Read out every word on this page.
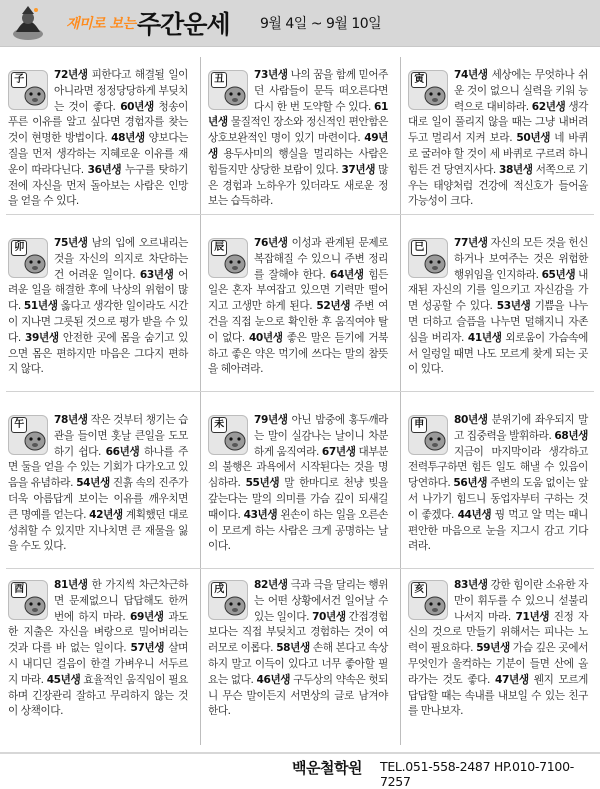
재미로 보는 주간운세 9월 4일 ~ 9월 10일
子	72년생 피한다고 해결될 일이 아니라면 정정당당하게 부딪치는 것이 좋다. 60년생 청송이 푸른 이유를 알고 싶다면 경험자를 찾는 것이 현명한 방법이다. 48년생 양보다는 질을 먼저 생각하는 지혜로운 이유를 재운이 따라다닌다. 36년생 누구를 탓하기 전에 자신을 먼저 돌아보는 사람은 인망을 얻을 수 있다.
丑	73년생 나의 꿈을 함께 믿어주던 사람들이 문득 떠오른다면 다시 한 번 도약할 수 있다. 61년생 물질적인 장소와 정신적인 편안함은 상호보완적인 명이 있기 마련이다. 49년생 용두사미의 행실을 멀리하는 사람은 힘들지만 상당한 보람이 있다. 37년생 많은 경험과 노하우가 있더라도 새로운 정보는 습득하라.
寅	74년생 세상에는 무엇하나 쉬운 것이 없으니 실력을 키워 능력으로 대비하라. 62년생 생각대로 일이 풀리지 않을 때는 그냥 내버려 두고 멀리서 지켜 보라. 50년생 네 바퀴로 굴러야 할 것이 세 바퀴로 구르려 하니 힘든 건 당연지사다. 38년생 서쪽으로 기우는 태양처럼 건강에 적신호가 들어올 가능성이 크다.
卯	75년생 남의 입에 오르내리는 것을 자신의 의지로 차단하는 건 어려운 일이다. 63년생 어려운 일을 해결한 후에 낙상의 위험이 많다. 51년생 옳다고 생각한 일이라도 시간이 지나면 그릇된 것으로 평가 받을 수 있다. 39년생 안전한 곳에 몸을 숨기고 있으면 몸은 편하지만 마음은 그다지 편하지 않다.
辰	76년생 이성과 관계된 문제로 복잡해질 수 있으니 주변 정리를 잘해야 한다. 64년생 힘든 일은 혼자 부여잡고 있으면 기력만 떨어지고 고생만 하게 된다. 52년생 주변 여건을 직접 눈으로 확인한 후 움직여야 탈이 없다. 40년생 좋은 말은 듣기에 거북하고 좋은 약은 먹기에 쓰다는 말의 참뜻을 헤아려라.
巳	77년생 자신의 모든 것을 헌신하거나 보여주는 것은 위험한 행위임을 인지하라. 65년생 내재된 자신의 기를 일으키고 자신감을 가면 성공할 수 있다. 53년생 기쁨을 나누면 더하고 슬픔을 나누면 덜해지니 자존심을 버리자. 41년생 외로움이 가슴속에서 일렁일 때면 나도 모르게 찾게 되는 곳이 있다.
午	78년생 작은 것부터 챙기는 습관을 들이면 홋날 큰일을 도모하기 쉽다. 66년생 하나를 주면 둘을 얻을 수 있는 기회가 다가오고 있음을 유념하라. 54년생 진흙 속의 진주가 더욱 아름답게 보이는 이유를 깨우치면 큰 명예를 얻는다. 42년생 계획했던 대로 성취할 수 있지만 지나치면 큰 재물을 잃을 수도 있다.
未	79년생 아닌 밤중에 홍두깨라는 말이 실감나는 날이니 차분하게 움직여라. 67년생 대부분의 불행은 과욕에서 시작된다는 것을 명심하라. 55년생 말 한마디로 천냥 빚을 갚는다는 말의 의미를 가슴 깊이 되새길 때이다. 43년생 왼손이 하는 일을 오른손이 모르게 하는 사람은 크게 공명하는 날이다.
申	80년생 분위기에 좌우되지 말고 집중력을 발휘하라. 68년생 지금이 마지막이라 생각하고 전력투구하면 힘든 일도 해낼 수 있음이 당연하다. 56년생 주변의 도움 없이는 앞서 나가기 힘드니 동업자부터 구하는 것이 좋겠다. 44년생 꿩 먹고 알 먹는 때니 편안한 마음으로 눈을 지그시 감고 기다려라.
酉	81년생 한 가지씩 차근차근하면 문제없으니 답답해도 한꺼번에 하지 마라. 69년생 과도한 지출은 자신을 벼랑으로 밀어버리는 것과 다를 바 없는 일이다. 57년생 살며시 내디딘 걸음이 한결 가벼우니 서두르지 마라. 45년생 효율적인 움직임이 필요하며 긴장관리 잘하고 무리하지 않는 것이 상책이다.
戌	82년생 극과 극을 달리는 행위는 어떤 상황에서건 일어날 수 있는 일이다. 70년생 간접경험보다는 직접 부딪치고 경험하는 것이 여러모로 이롭다. 58년생 손해 본다고 속상하지 말고 이득이 있다고 너무 좋아할 필요는 없다. 46년생 구두상의 약속은 헛되니 무슨 말이든지 서면상의 글로 남겨야 한다.
亥	83년생 강한 힘이란 소유한 자만이 휘두를 수 있으니 섣불리 나서지 마라. 71년생 진정 자신의 것으로 만들기 위해서는 피나는 노력이 필요하다. 59년생 가슴 깊은 곳에서 무엇인가 울컥하는 기분이 들면 산에 올라가는 것도 좋다. 47년생 웬지 모르게 답답할 때는 속내를 내보일 수 있는 친구를 만나보자.
백운철학원 TEL.051-558-2487 HP.010-7100-7257
